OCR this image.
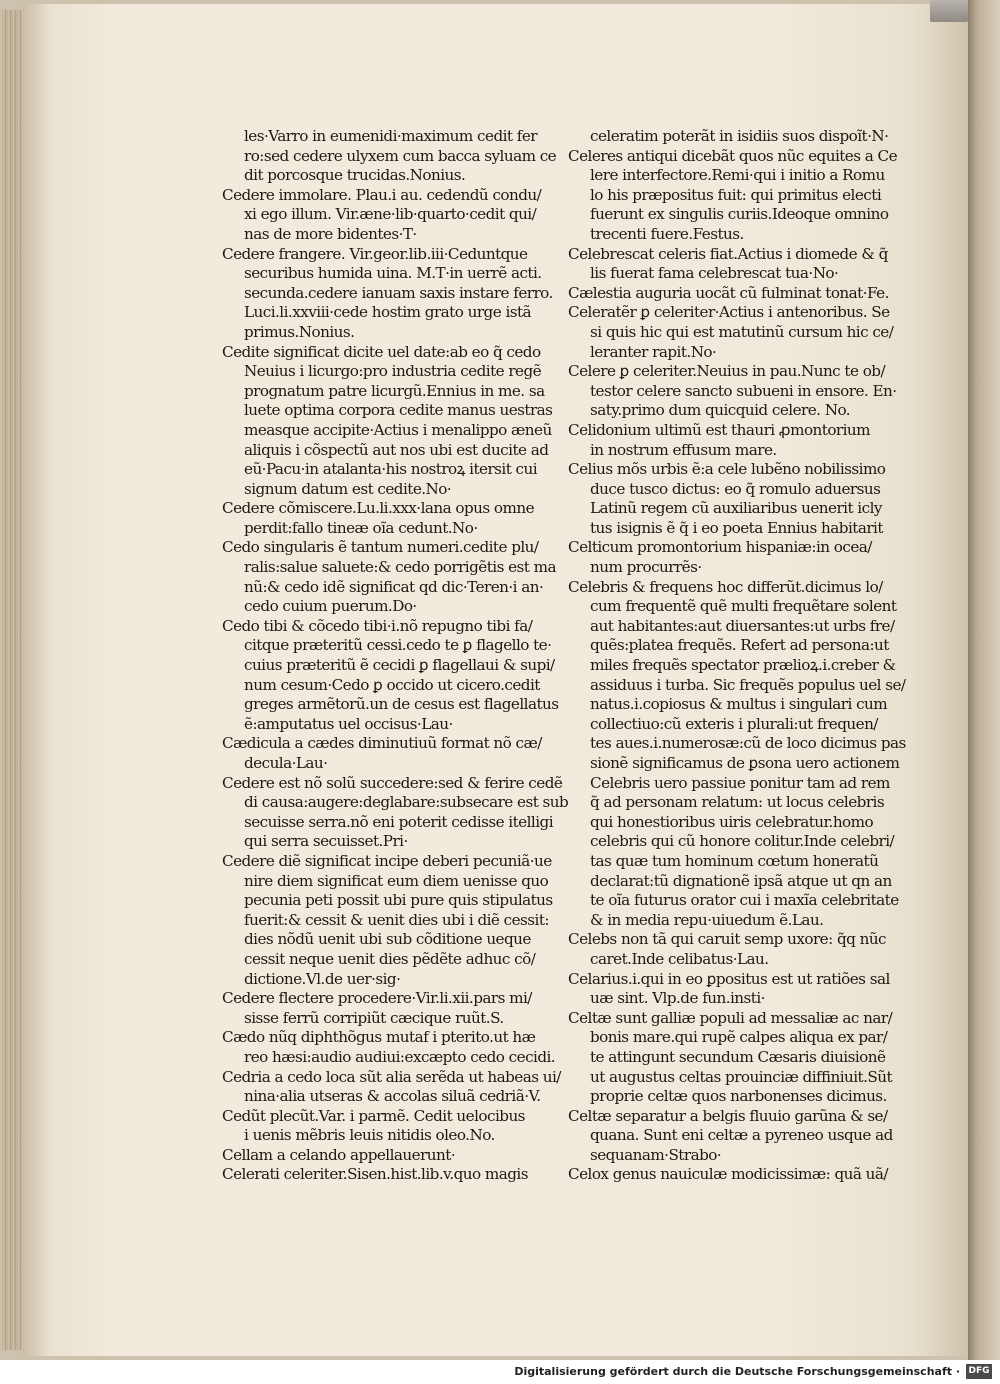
les·Varro in eumenidi·maximum cedit fer
ro:sed cedere ulyxem cum bacca syluam ce
dit porcosque trucidas.Nonius.
Cedere immolare. Plau.i au. cedendũ condu/
xi ego illum. Vir.æne·lib·quarto·cedit qui/
nas de more bidentes·T·
Cedere frangere. Vir.geor.lib.iii·Ceduntque
securibus humida uina. M.T·in uerrẽ acti.
secunda.cedere ianuam saxis instare ferro.
Luci.li.xxviii·cede hostim grato urge istã
primus.Nonius.
Cedite significat dicite uel date:ab eo q̃ cedo
Neuius i licurgo:pro industria cedite regẽ
prognatum patre licurgũ.Ennius in me. sa
luete optima corpora cedite manus uestras
measque accipite·Actius i menalippo æneũ
aliquis i cõspectũ aut nos ubi est ducite ad
eũ·Pacu·in atalanta·his nostroꝝ itersit cui
signum datum est cedite.No·
Cedere cõmiscere.Lu.li.xxx·lana opus omne
perdit:fallo tineæ oĩa cedunt.No·
Cedo singularis ẽ tantum numeri.cedite plu/
ralis:salue saluete:& cedo porrigẽtis est ma
nũ:& cedo idẽ significat qd dic·Teren·i an·
cedo cuium puerum.Do·
Cedo tibi & cõcedo tibi·i.nõ repugno tibi fa/
citque præteritũ cessi.cedo te ꝑ flagello te·
cuius præteritũ ẽ cecidi ꝑ flagellaui & supi/
num cesum·Cedo ꝑ occido ut cicero.cedit
greges armẽtorũ.un de cesus est flagellatus
ẽ:amputatus uel occisus·Lau·
Cædicula a cædes diminutiuũ format nõ cæ/
decula·Lau·
Cedere est nõ solũ succedere:sed & ferire cedẽ
di causa:augere:deglabare:subsecare est sub
secuisse serra.nõ eni poterit cedisse itelligi
qui serra secuisset.Pri·
Cedere diẽ significat incipe deberi pecuniã·ue
nire diem significat eum diem uenisse quo
pecunia peti possit ubi pure quis stipulatus
fuerit:& cessit & uenit dies ubi i diẽ cessit:
dies nõdũ uenit ubi sub cõditione ueque
cessit neque uenit dies pẽdẽte adhuc cõ/
dictione.Vl.de uer·sig·
Cedere flectere procedere·Vir.li.xii.pars mi/
sisse ferrũ corripiũt cæcique ruũt.S.
Cædo nũq diphthõgus mutaf i pterito.ut hæ
reo hæsi:audio audiui:excæpto cedo cecidi.
Cedria a cedo loca sũt alia serẽda ut habeas ui/
nina·alia utseras & accolas siluã cedriã·V.
Cedũt plecũt.Var. i parmẽ. Cedit uelocibus
i uenis mẽbris leuis nitidis oleo.No.
Cellam a celando appellauerunt·
Celerati celeriter.Sisen.hist.lib.v.quo magis
celeratim poterãt in isidiis suos dispoĩt·N·
Celeres antiqui dicebãt quos nũc equites a Ce
lere interfectore.Remi·qui i initio a Romu
lo his præpositus fuit: qui primitus electi
fuerunt ex singulis curiis.Ideoque omnino
trecenti fuere.Festus.
Celebrescat celeris fiat.Actius i diomede & q̃
lis fuerat fama celebrescat tua·No·
Cælestia auguria uocãt cũ fulminat tonat·Fe.
Celeratẽr ꝑ celeriter·Actius i antenoribus. Se
si quis hic qui est matutinũ cursum hic ce/
leranter rapit.No·
Celere ꝑ celeriter.Neuius in pau.Nunc te ob/
testor celere sancto subueni in ensore. En·
saty.primo dum quicquid celere. No.
Celidonium ultimũ est thauri ꝓmontorium
in nostrum effusum mare.
Celius mõs urbis ẽ:a cele lubẽno nobilissimo
duce tusco dictus: eo q̃ romulo aduersus
Latinũ regem cũ auxiliaribus uenerit icly
tus isignis ẽ q̃ i eo poeta Ennius habitarit
Celticum promontorium hispaniæ:in ocea/
num procurrẽs·
Celebris & frequens hoc differũt.dicimus lo/
cum frequentẽ quẽ multi frequẽtare solent
aut habitantes:aut diuersantes:ut urbs fre/
quẽs:platea frequẽs. Refert ad persona:ut
miles frequẽs spectator prælioꝝ.i.creber &
assiduus i turba. Sic frequẽs populus uel se/
natus.i.copiosus & multus i singulari cum
collectiuo:cũ exteris i plurali:ut frequen/
tes aues.i.numerosæ:cũ de loco dicimus pas
sionẽ significamus de ꝑsona uero actionem
Celebris uero passiue ponitur tam ad rem
q̃ ad personam relatum: ut locus celebris
qui honestioribus uiris celebratur.homo
celebris qui cũ honore colitur.Inde celebri/
tas quæ tum hominum cœtum honeratũ
declarat:tũ dignationẽ ipsã atque ut qn an
te oĩa futurus orator cui i maxĩa celebritate
& in media repu·uiuedum ẽ.Lau.
Celebs non tã qui caruit semp uxore: q̃q nũc
caret.Inde celibatus·Lau.
Celarius.i.qui in eo ꝑpositus est ut ratiões sal
uæ sint. Vlp.de fun.insti·
Celtæ sunt galliæ populi ad messaliæ ac nar/
bonis mare.qui rupẽ calpes aliqua ex par/
te attingunt secundum Cæsaris diuisionẽ
ut augustus celtas prouinciæ diffiniuit.Sũt
proprie celtæ quos narbonenses dicimus.
Celtæ separatur a belgis fluuio garũna & se/
quana. Sunt eni celtæ a pyreneo usque ad
sequanam·Strabo·
Celox genus nauiculæ modicissimæ: quã uã/
Digitalisierung gefördert durch die Deutsche Forschungsgemeinschaft · DFG
